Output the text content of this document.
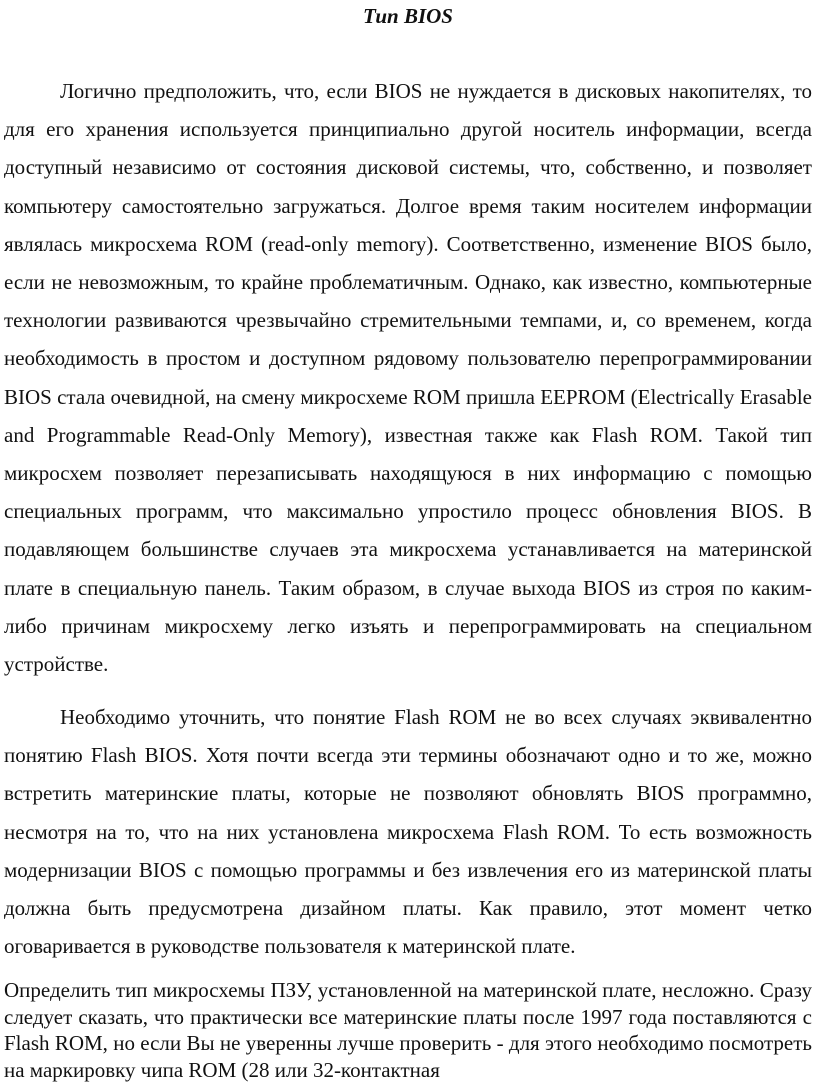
Тип BIOS

Логично предположить, что, если BIOS не нуждается в дисковых накопителях, то для его хранения используется принципиально другой носитель информации, всегда доступный независимо от состояния дисковой системы, что, собственно, и позволяет компьютеру самостоятельно загружаться. Долгое время таким носителем информации являлась микросхема ROM (read-only memory). Соответственно, изменение BIOS было, если не невозможным, то крайне проблематичным. Однако, как известно, компьютерные технологии развиваются чрезвычайно стремительными темпами, и, со временем, когда необходимость в простом и доступном рядовому пользователю перепрограммировании BIOS стала очевидной, на смену микросхеме ROM пришла EEPROM (Electrically Erasable and Programmable Read-Only Memory), известная также как Flash ROM. Такой тип микросхем позволяет перезаписывать находящуюся в них информацию с помощью специальных программ, что максимально упростило процесс обновления BIOS. В подавляющем большинстве случаев эта микросхема устанавливается на материнской плате в специальную панель. Таким образом, в случае выхода BIOS из строя по каким-либо причинам микросхему легко изъять и перепрограммировать на специальном устройстве.

Необходимо уточнить, что понятие Flash ROM не во всех случаях эквивалентно понятию Flash BIOS. Хотя почти всегда эти термины обозначают одно и то же, можно встретить материнские платы, которые не позволяют обновлять BIOS программно, несмотря на то, что на них установлена микросхема Flash ROM. То есть возможность модернизации BIOS с помощью программы и без извлечения его из материнской платы должна быть предусмотрена дизайном платы. Как правило, этот момент четко оговаривается в руководстве пользователя к материнской плате.

Определить тип микросхемы ПЗУ, установленной на материнской плате, несложно. Сразу следует сказать, что практически все материнские платы после 1997 года поставляются с Flash ROM, но если Вы не уверенны лучше проверить - для этого необходимо посмотреть на маркировку чипа ROM (28 или 32-контактная
